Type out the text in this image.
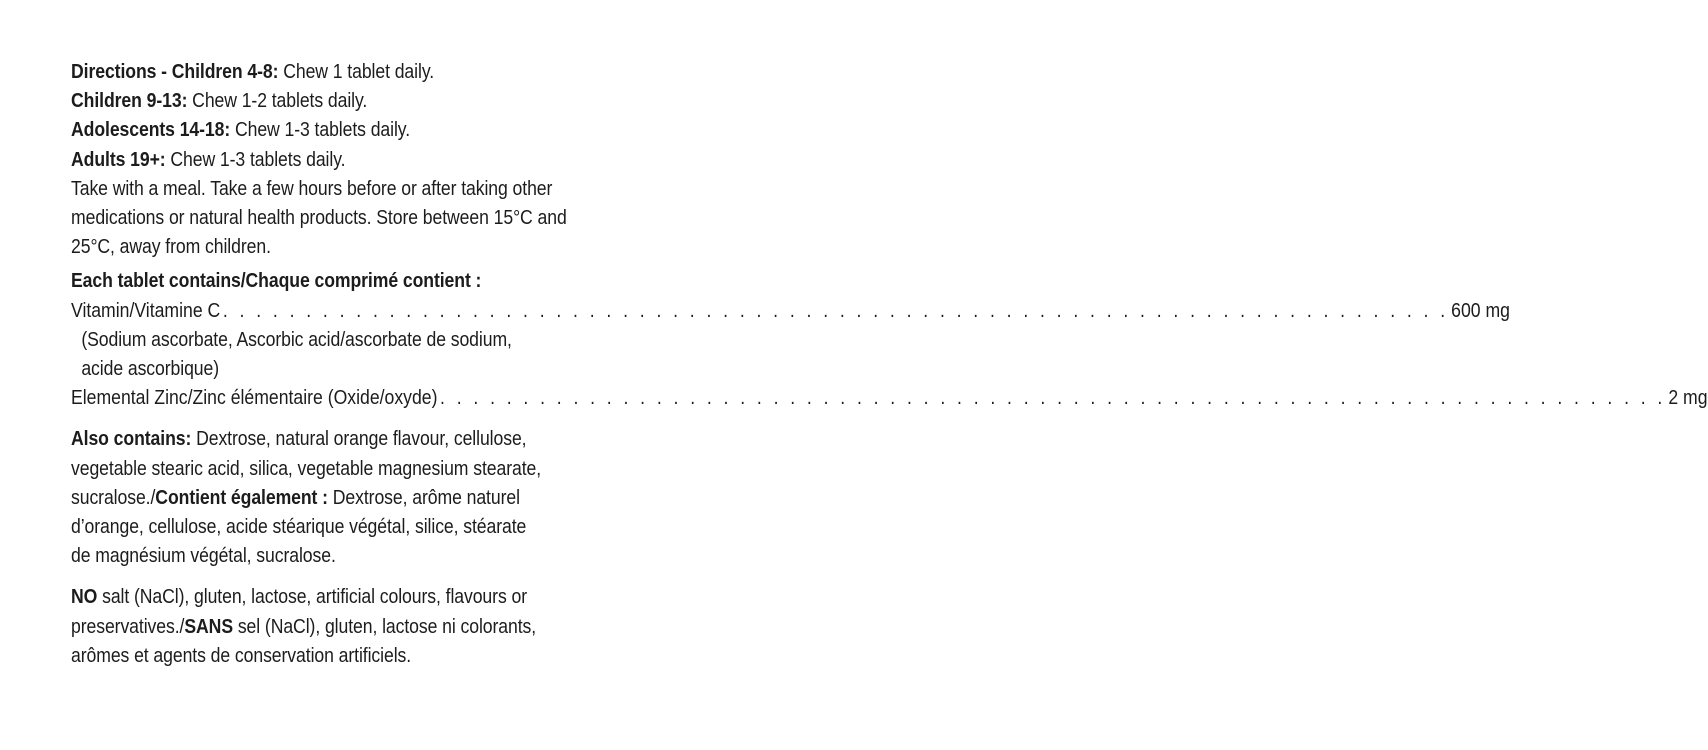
Directions - Children 4-8: Chew 1 tablet daily.
Children 9-13: Chew 1-2 tablets daily.
Adolescents 14-18: Chew 1-3 tablets daily.
Adults 19+: Chew 1-3 tablets daily.
Take with a meal. Take a few hours before or after taking other
medications or natural health products. Store between 15°C and
25°C, away from children.
Each tablet contains/Chaque comprimé contient :
Vitamin/Vitamine C . . . . . . . . . . . . . . . . . . . . . . . . . . . . . . . . . . . . . . . . . . . . . . . . . . . . . . . . . . . . . . . . . . . . . . . . . . 600 mg
(Sodium ascorbate, Ascorbic acid/ascorbate de sodium,
acide ascorbique)
Elemental Zinc/Zinc élémentaire (Oxide/oxyde) . . . . . . . . . . . . . . . . . . . . . . . . . . . . . . . . . . . . . . . . . . . . . . . . . . . . . . . . . . . . . . . . . . . . . . . . . . 2 mg
Also contains: Dextrose, natural orange flavour, cellulose,
vegetable stearic acid, silica, vegetable magnesium stearate,
sucralose./Contient également : Dextrose, arôme naturel
d’orange, cellulose, acide stéarique végétal, silice, stéarate
de magnésium végétal, sucralose.
NO salt (NaCl), gluten, lactose, artificial colours, flavours or
preservatives./SANS sel (NaCl), gluten, lactose ni colorants,
arômes et agents de conservation artificiels.
